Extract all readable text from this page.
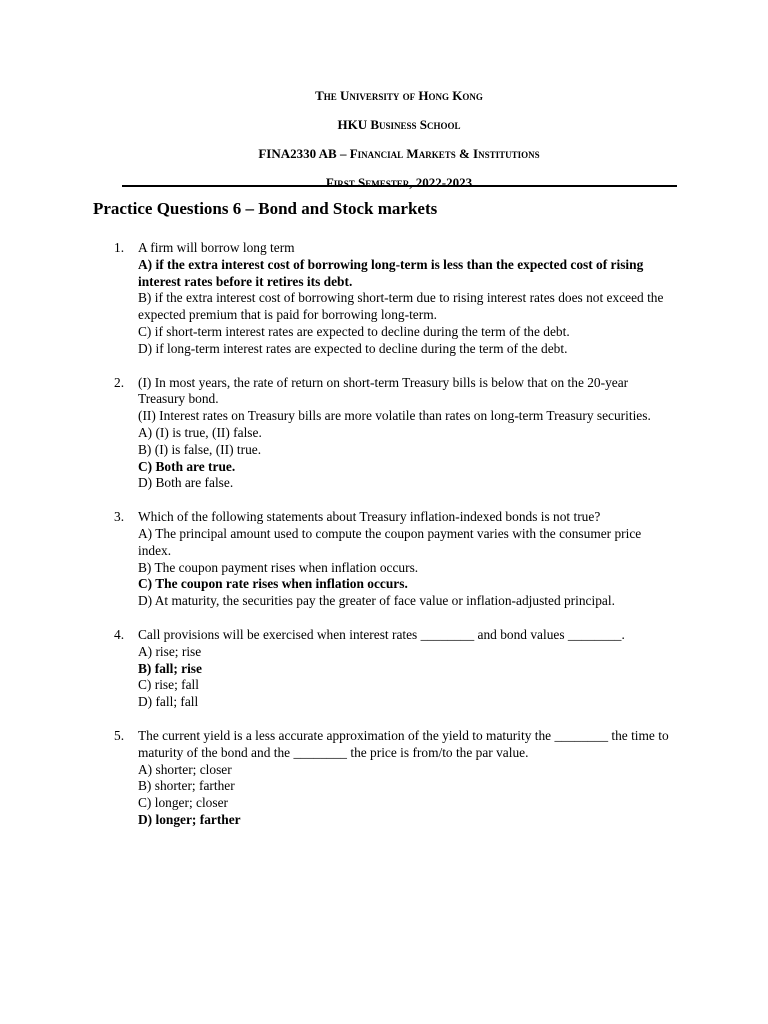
The University of Hong Kong
HKU Business School
FINA2330 AB – Financial Markets & Institutions
First Semester, 2022-2023
Practice Questions 6 – Bond and Stock markets
1. A firm will borrow long term
A) if the extra interest cost of borrowing long-term is less than the expected cost of rising interest rates before it retires its debt.
B) if the extra interest cost of borrowing short-term due to rising interest rates does not exceed the expected premium that is paid for borrowing long-term.
C) if short-term interest rates are expected to decline during the term of the debt.
D) if long-term interest rates are expected to decline during the term of the debt.
2. (I) In most years, the rate of return on short-term Treasury bills is below that on the 20-year Treasury bond.
(II) Interest rates on Treasury bills are more volatile than rates on long-term Treasury securities.
A) (I) is true, (II) false.
B) (I) is false, (II) true.
C) Both are true.
D) Both are false.
3. Which of the following statements about Treasury inflation-indexed bonds is not true?
A) The principal amount used to compute the coupon payment varies with the consumer price index.
B) The coupon payment rises when inflation occurs.
C) The coupon rate rises when inflation occurs.
D) At maturity, the securities pay the greater of face value or inflation-adjusted principal.
4. Call provisions will be exercised when interest rates ________ and bond values ________.
A) rise; rise
B) fall; rise
C) rise; fall
D) fall; fall
5. The current yield is a less accurate approximation of the yield to maturity the ________ the time to maturity of the bond and the ________ the price is from/to the par value.
A) shorter; closer
B) shorter; farther
C) longer; closer
D) longer; farther
